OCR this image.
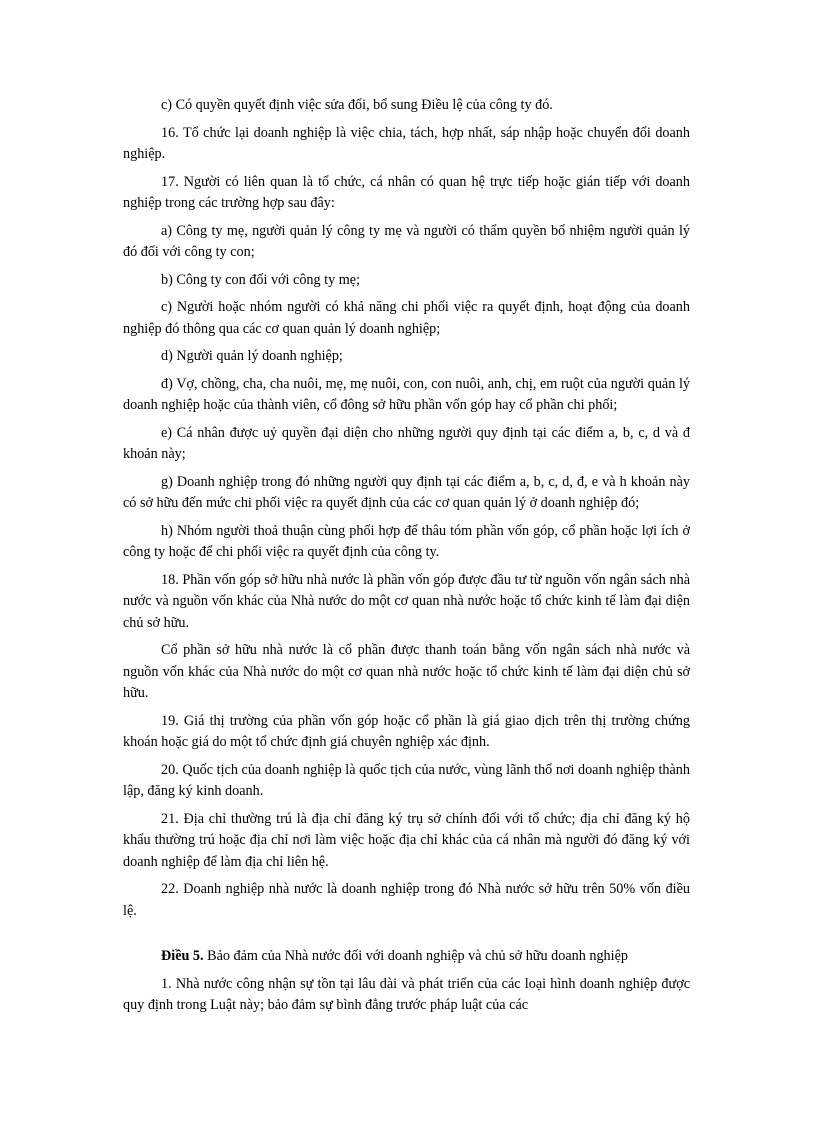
c) Có quyền quyết định việc sửa đổi, bổ sung Điều lệ của công ty đó.

16. Tổ chức lại doanh nghiệp là việc chia, tách, hợp nhất, sáp nhập hoặc chuyển đổi doanh nghiệp.

17. Người có liên quan là tổ chức, cá nhân có quan hệ trực tiếp hoặc gián tiếp với doanh nghiệp trong các trường hợp sau đây:

a) Công ty mẹ, người quản lý công ty mẹ và người có thẩm quyền bổ nhiệm người quản lý đó đối với công ty con;

b) Công ty con đối với công ty mẹ;

c) Người hoặc nhóm người có khả năng chi phối việc ra quyết định, hoạt động của doanh nghiệp đó thông qua các cơ quan quản lý doanh nghiệp;

d) Người quản lý doanh nghiệp;

đ) Vợ, chồng, cha, cha nuôi, mẹ, mẹ nuôi, con, con nuôi, anh, chị, em ruột của người quản lý doanh nghiệp hoặc của thành viên, cổ đông sở hữu phần vốn góp hay cổ phần chi phối;

e) Cá nhân được uỷ quyền đại diện cho những người quy định tại các điểm a, b, c, d và đ khoản này;

g) Doanh nghiệp trong đó những người quy định tại các điểm a, b, c, d, đ, e và h khoản này có sở hữu đến mức chi phối việc ra quyết định của các cơ quan quản lý ở doanh nghiệp đó;

h) Nhóm người thoả thuận cùng phối hợp để thâu tóm phần vốn góp, cổ phần hoặc lợi ích ở công ty hoặc để chi phối việc ra quyết định của công ty.

18. Phần vốn góp sở hữu nhà nước là phần vốn góp được đầu tư từ nguồn vốn ngân sách nhà nước và nguồn vốn khác của Nhà nước do một cơ quan nhà nước hoặc tổ chức kinh tế làm đại diện chủ sở hữu.

Cổ phần sở hữu nhà nước là cổ phần được thanh toán bằng vốn ngân sách nhà nước và nguồn vốn khác của Nhà nước do một cơ quan nhà nước hoặc tổ chức kinh tế làm đại diện chủ sở hữu.

19. Giá thị trường của phần vốn góp hoặc cổ phần là giá giao dịch trên thị trường chứng khoán hoặc giá do một tổ chức định giá chuyên nghiệp xác định.

20. Quốc tịch của doanh nghiệp là quốc tịch của nước, vùng lãnh thổ nơi doanh nghiệp thành lập, đăng ký kinh doanh.

21. Địa chỉ thường trú là địa chỉ đăng ký trụ sở chính đối với tổ chức; địa chỉ đăng ký hộ khẩu thường trú hoặc địa chỉ nơi làm việc hoặc địa chỉ khác của cá nhân mà người đó đăng ký với doanh nghiệp để làm địa chỉ liên hệ.

22. Doanh nghiệp nhà nước là doanh nghiệp trong đó Nhà nước sở hữu trên 50% vốn điều lệ.

Điều 5. Bảo đảm của Nhà nước đối với doanh nghiệp và chủ sở hữu doanh nghiệp

1. Nhà nước công nhận sự tồn tại lâu dài và phát triển của các loại hình doanh nghiệp được quy định trong Luật này; bảo đảm sự bình đẳng trước pháp luật của các
